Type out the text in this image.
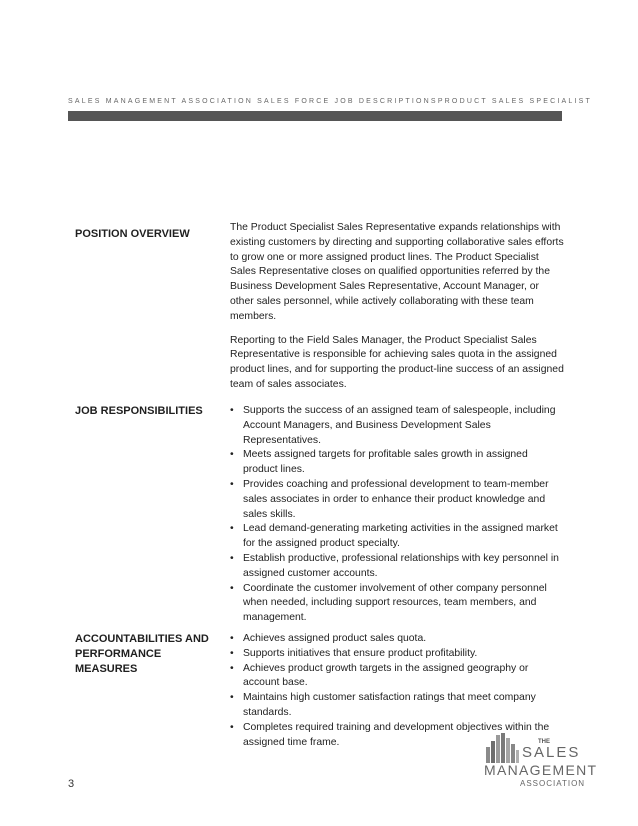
SALES MANAGEMENT ASSOCIATION SALES FORCE JOB DESCRIPTIONS PRODUCT SALES SPECIALIST
POSITION OVERVIEW

The Product Specialist Sales Representative expands relationships with existing customers by directing and supporting collaborative sales efforts to grow one or more assigned product lines. The Product Specialist Sales Representative closes on qualified opportunities referred by the Business Development Sales Representative, Account Manager, or other sales personnel, while actively collaborating with these team members.

Reporting to the Field Sales Manager, the Product Specialist Sales Representative is responsible for achieving sales quota in the assigned product lines, and for supporting the product-line success of an assigned team of sales associates.

JOB RESPONSIBILITIES	• Supports the success of an assigned team of salespeople, including Account Managers, and Business Development Sales Representatives.
• Meets assigned targets for profitable sales growth in assigned product lines.
• Provides coaching and professional development to team-member sales associates in order to enhance their product knowledge and sales skills.
• Lead demand-generating marketing activities in the assigned market for the assigned product specialty.
• Establish productive, professional relationships with key personnel in assigned customer accounts.
• Coordinate the customer involvement of other company personnel when needed, including support resources, team members, and management.
ACCOUNTABILITIES AND
PERFORMANCE MEASURES
• Achieves assigned product sales quota.
• Supports initiatives that ensure product profitability.
• Achieves product growth targets in the assigned geography or account base.
• Maintains high customer satisfaction ratings that meet company standards.
• Completes required training and development objectives within the assigned time frame.
3
THE
SALES
MANAGEMENT
ASSOCIATION
